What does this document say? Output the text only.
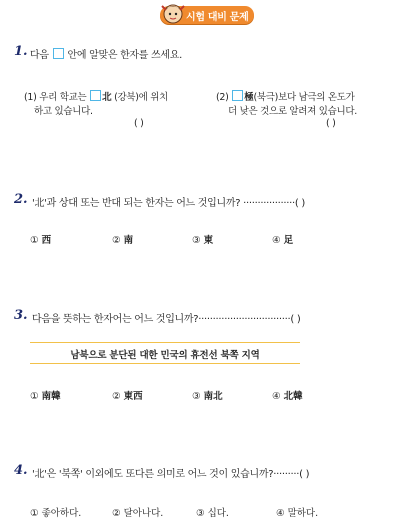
시험 대비 문제
1. 다음 안에 알맞은 한자를 쓰세요.
(1) 우리 학교는 北 (강북)에 위치
하고 있습니다.
( )
(2) 極(북극)보다 남극의 온도가
더 낮은 것으로 알려져 있습니다.
( )
2. '北'과 상대 또는 반대 되는 한자는 어느 것입니까? ··················( )
① 西	② 南	③ 東	④ 足
3. 다음을 뜻하는 한자어는 어느 것입니까?································( )
남북으로 분단된 대한 민국의 휴전선 북쪽 지역
① 南韓	② 東西	③ 南北	④ 北韓
4. '北'은 '북쪽' 이외에도 또다른 의미로 어느 것이 있습니까?·········( )
① 좋아하다.	② 달아나다.	③ 십다.	④ 말하다.
